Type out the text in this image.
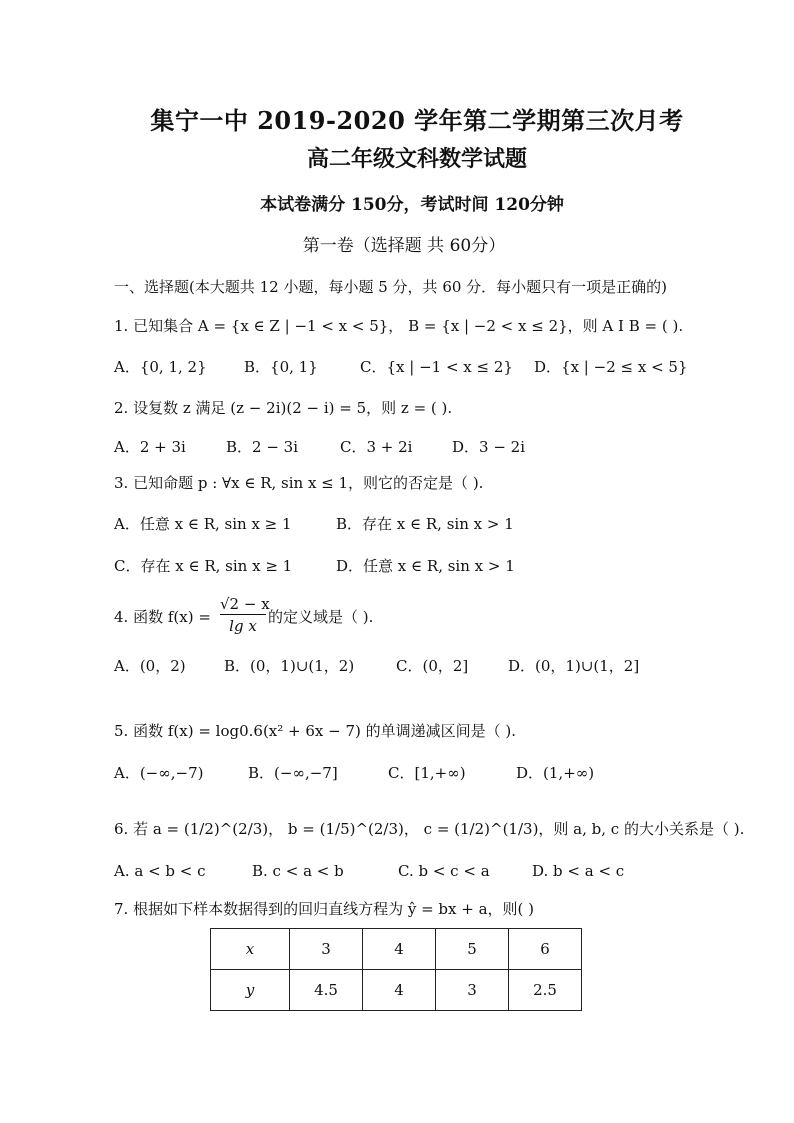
集宁一中 2019-2020 学年第二学期第三次月考
高二年级文科数学试题
本试卷满分 150分，考试时间 120分钟
第一卷（选择题 共 60分）
一、选择题(本大题共 12 小题，每小题 5 分，共 60 分．每小题只有一项是正确的)
1. 已知集合 A = {x ∈ Z | −1 < x < 5}， B = {x | −2 < x ≤ 2}，则 A I B = ( ).
A．{0, 1, 2} B．{0, 1}	C．{x | −1 < x ≤ 2} D．{x | −2 ≤ x < 5}
2. 设复数 z 满足 (z − 2i)(2 − i) = 5，则 z = ( ).
A．2 + 3i	B．2 − 3i	C．3 + 2i	D．3 − 2i
3. 已知命题 p : ∀x ∈ R, sin x ≤ 1，则它的否定是（ ).
A．任意 x ∈ R, sin x ≥ 1	B．存在 x ∈ R, sin x > 1
C．存在 x ∈ R, sin x ≥ 1	D．任意 x ∈ R, sin x > 1
4. 函数 $f(x) = \frac{√2 - x}{\text{lg x}}$ 的定义域是（ ).
A．(0，2)	B．(0，1)∪(1，2)	C．(0，2]	D．(0，1)∪(1，2]
5. 函数 f(x) = log0.6(x² + 6x − 7) 的单调递减区间是（ ).
A．(−∞,−7)	B．(−∞,−7]	C．[1,+∞)	D．(1,+∞)
6. 若 a = (1/2)^(2/3)， b = (1/5)^(2/3)， c = (1/2)^(1/3)，则 a, b, c 的大小关系是（ ).
A. a < b < c	B. c < a < b	C. b < c < a	D. b < a < c
7. 根据如下样本数据得到的回归直线方程为 ŷ = bx + a，则( )
x	3	4	5	6
y	4.5	4	3	2.5
